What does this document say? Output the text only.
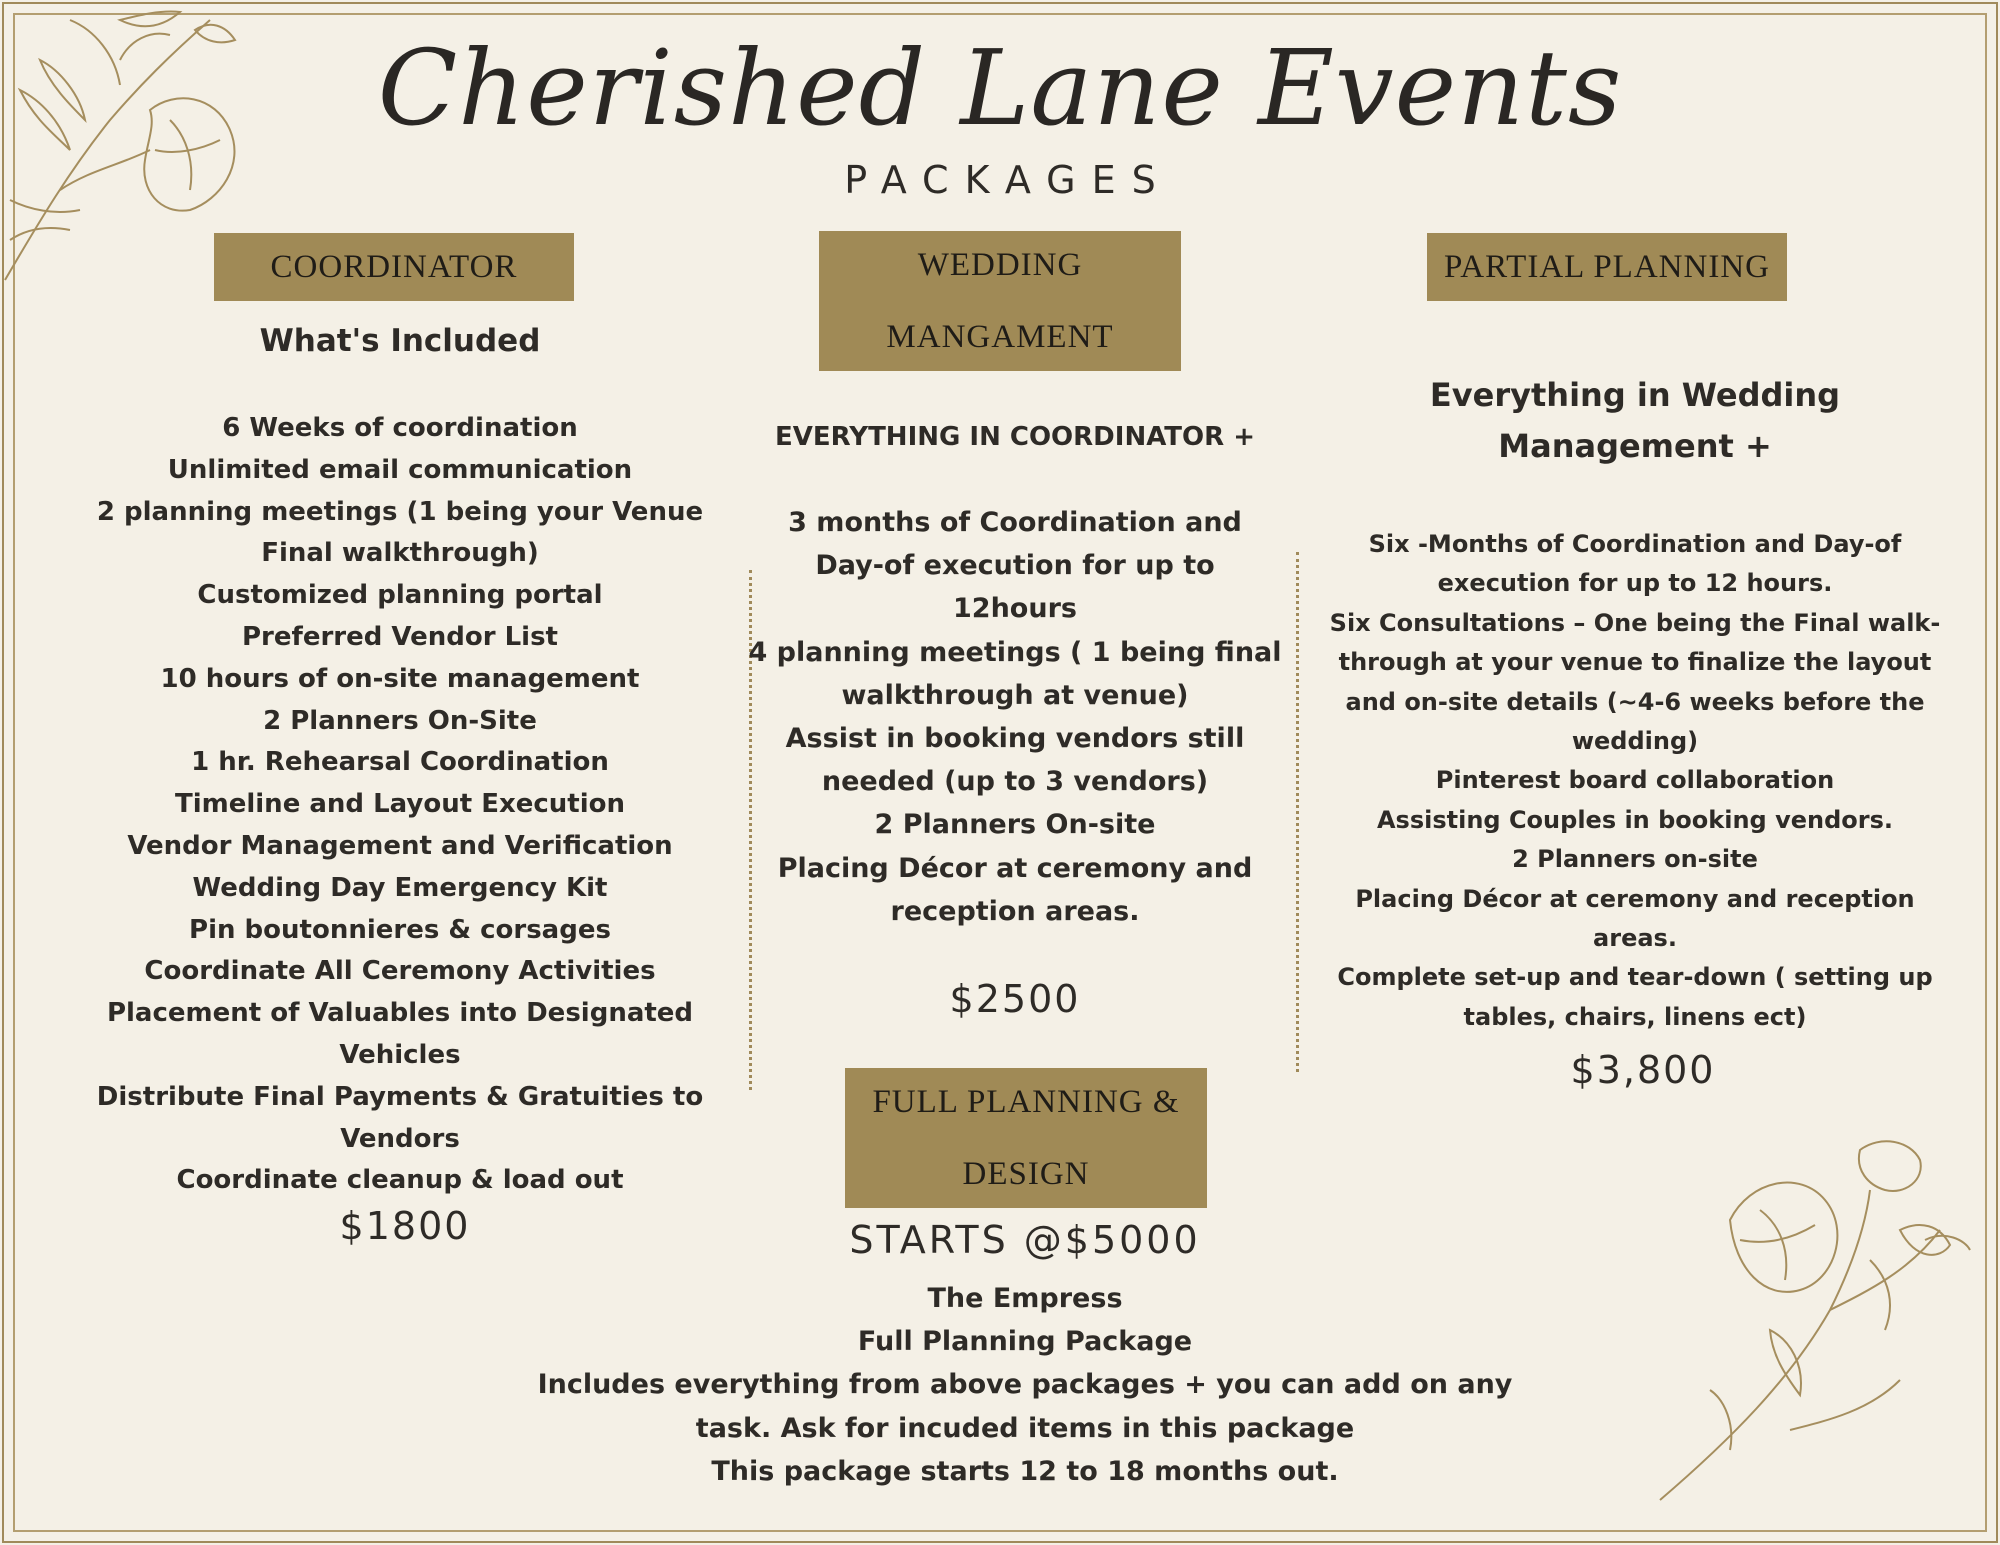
Cherished Lane Events
PACKAGES
COORDINATOR
What's Included
6 Weeks of coordination
Unlimited email communication
2 planning meetings (1 being your Venue
Final walkthrough)
Customized planning portal
Preferred Vendor List
10 hours of on-site management
2 Planners On-Site
1 hr. Rehearsal Coordination
Timeline and Layout Execution
Vendor Management and Verification
Wedding Day Emergency Kit
Pin boutonnieres & corsages
Coordinate All Ceremony Activities
Placement of Valuables into Designated
Vehicles
Distribute Final Payments & Gratuities to
Vendors
Coordinate cleanup & load out
$1800
WEDDING
MANGAMENT
EVERYTHING IN COORDINATOR +
3 months of Coordination and
Day-of execution for up to
12hours
4 planning meetings ( 1 being final
walkthrough at venue)
Assist in booking vendors still
needed (up to 3 vendors)
2 Planners On-site
Placing Décor at ceremony and
reception areas.
$2500
PARTIAL PLANNING
Everything in Wedding
Management +
Six -Months of Coordination and Day-of
execution for up to 12 hours.
Six Consultations – One being the Final walk-
through at your venue to finalize the layout
and on-site details (~4-6 weeks before the
wedding)
Pinterest board collaboration
Assisting Couples in booking vendors.
2 Planners on-site
Placing Décor at ceremony and reception
areas.
Complete set-up and tear-down ( setting up
tables, chairs, linens ect)
$3,800
FULL PLANNING &
DESIGN
STARTS @$5000
The Empress
Full Planning Package
Includes everything from above packages + you can add on any
task. Ask for incuded items in this package
This package starts 12 to 18 months out.
